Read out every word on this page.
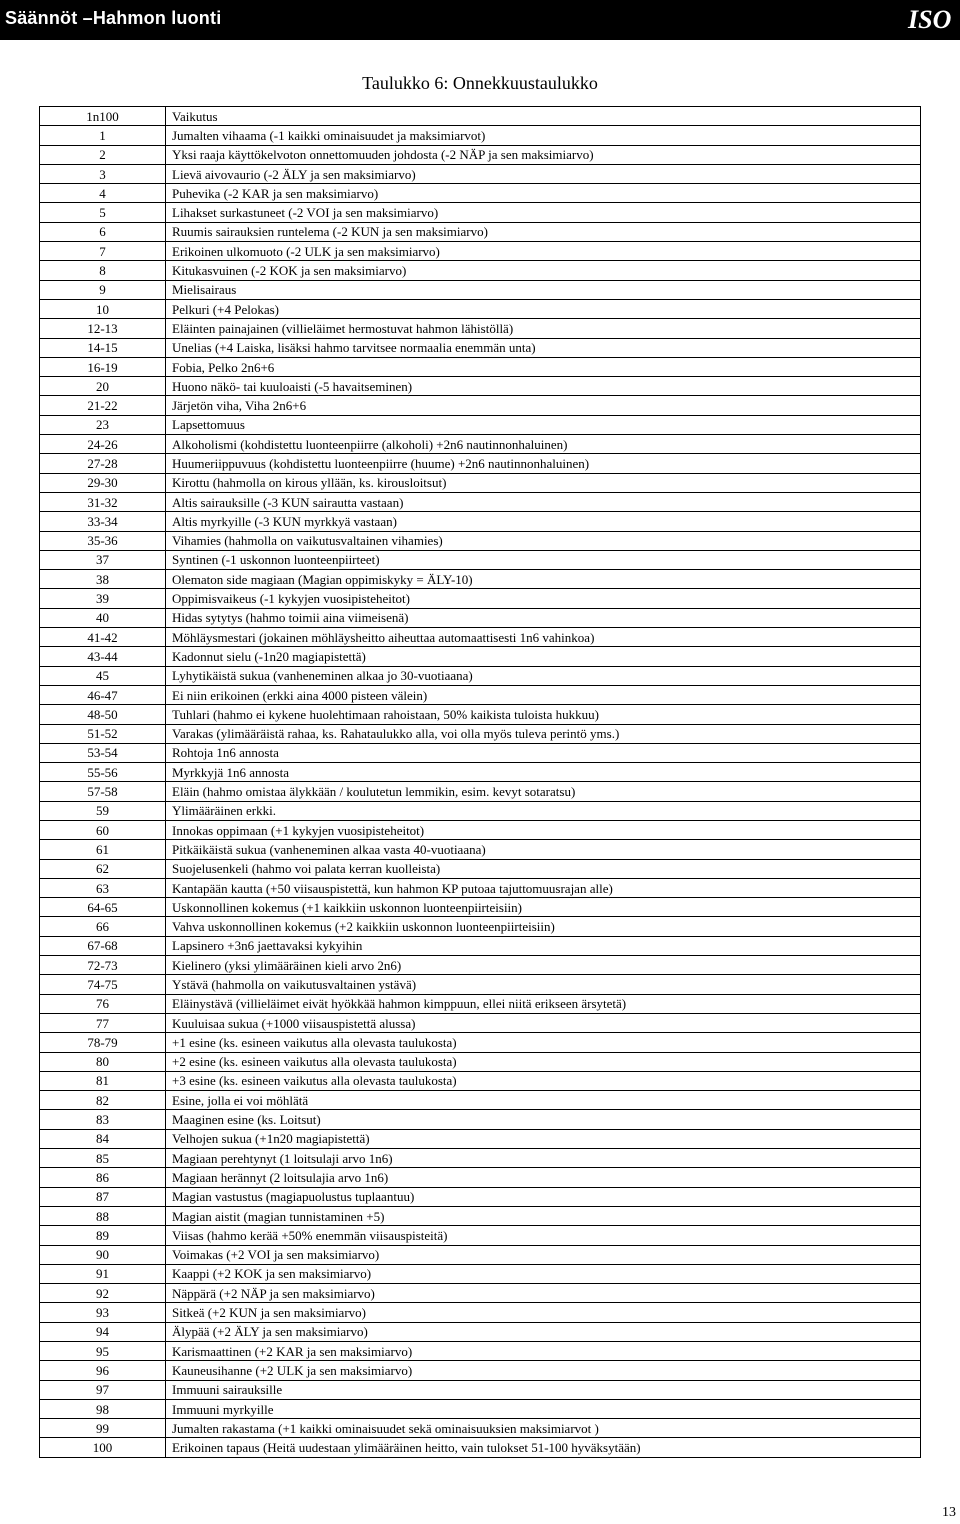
Säännöt –Hahmon luonti	ISO
Taulukko 6: Onnekkuustaulukko
1n100	Vaikutus
1	Jumalten vihaama (-1 kaikki ominaisuudet ja maksimiarvot)
2	Yksi raaja käyttökelvoton onnettomuuden johdosta (-2 NÄP ja sen maksimiarvo)
3	Lievä aivovaurio (-2 ÄLY ja sen maksimiarvo)
4	Puhevika (-2 KAR ja sen maksimiarvo)
5	Lihakset surkastuneet (-2 VOI ja sen maksimiarvo)
6	Ruumis sairauksien runtelema (-2 KUN ja sen maksimiarvo)
7	Erikoinen ulkomuoto (-2 ULK ja sen maksimiarvo)
8	Kitukasvuinen (-2 KOK ja sen maksimiarvo)
9	Mielisairaus
10	Pelkuri (+4 Pelokas)
12-13	Eläinten painajainen (villieläimet hermostuvat hahmon lähistöllä)
14-15	Unelias (+4 Laiska, lisäksi hahmo tarvitsee normaalia enemmän unta)
16-19	Fobia, Pelko 2n6+6
20	Huono näkö- tai kuuloaisti (-5 havaitseminen)
21-22	Järjetön viha, Viha 2n6+6
23	Lapsettomuus
24-26	Alkoholismi (kohdistettu luonteenpiirre (alkoholi) +2n6 nautinnonhaluinen)
27-28	Huumeriippuvuus (kohdistettu luonteenpiirre (huume) +2n6 nautinnonhaluinen)
29-30	Kirottu (hahmolla on kirous yllään, ks. kirousloitsut)
31-32	Altis sairauksille (-3 KUN sairautta vastaan)
33-34	Altis myrkyille (-3 KUN myrkkyä vastaan)
35-36	Vihamies (hahmolla on vaikutusvaltainen vihamies)
37	Syntinen (-1 uskonnon luonteenpiirteet)
38	Olematon side magiaan (Magian oppimiskyky = ÄLY-10)
39	Oppimisvaikeus (-1 kykyjen vuosipisteheitot)
40	Hidas sytytys (hahmo toimii aina viimeisenä)
41-42	Möhläysmestari (jokainen möhläysheitto aiheuttaa automaattisesti 1n6 vahinkoa)
43-44	Kadonnut sielu (-1n20 magiapistettä)
45	Lyhytikäistä sukua (vanheneminen alkaa jo 30-vuotiaana)
46-47	Ei niin erikoinen (erkki aina 4000 pisteen välein)
48-50	Tuhlari (hahmo ei kykene huolehtimaan rahoistaan, 50% kaikista tuloista hukkuu)
51-52	Varakas (ylimääräistä rahaa, ks. Rahataulukko alla, voi olla myös tuleva perintö yms.)
53-54	Rohtoja 1n6 annosta
55-56	Myrkkyjä 1n6 annosta
57-58	Eläin (hahmo omistaa älykkään / koulutetun lemmikin, esim. kevyt sotaratsu)
59	Ylimääräinen erkki.
60	Innokas oppimaan (+1 kykyjen vuosipisteheitot)
61	Pitkäikäistä sukua (vanheneminen alkaa vasta 40-vuotiaana)
62	Suojelusenkeli (hahmo voi palata kerran kuolleista)
63	Kantapään kautta (+50 viisauspistettä, kun hahmon KP putoaa tajuttomuusrajan alle)
64-65	Uskonnollinen kokemus (+1 kaikkiin uskonnon luonteenpiirteisiin)
66	Vahva uskonnollinen kokemus (+2 kaikkiin uskonnon luonteenpiirteisiin)
67-68	Lapsinero +3n6 jaettavaksi kykyihin
72-73	Kielinero (yksi ylimääräinen kieli arvo 2n6)
74-75	Ystävä (hahmolla on vaikutusvaltainen ystävä)
76	Eläinystävä (villieläimet eivät hyökkää hahmon kimppuun, ellei niitä erikseen ärsytetä)
77	Kuuluisaa sukua (+1000 viisauspistettä alussa)
78-79	+1 esine (ks. esineen vaikutus alla olevasta taulukosta)
80	+2 esine (ks. esineen vaikutus alla olevasta taulukosta)
81	+3 esine (ks. esineen vaikutus alla olevasta taulukosta)
82	Esine, jolla ei voi möhlätä
83	Maaginen esine (ks. Loitsut)
84	Velhojen sukua (+1n20 magiapistettä)
85	Magiaan perehtynyt (1 loitsulaji arvo 1n6)
86	Magiaan herännyt (2 loitsulajia arvo 1n6)
87	Magian vastustus (magiapuolustus tuplaantuu)
88	Magian aistit (magian tunnistaminen +5)
89	Viisas (hahmo kerää +50% enemmän viisauspisteitä)
90	Voimakas (+2 VOI ja sen maksimiarvo)
91	Kaappi (+2 KOK ja sen maksimiarvo)
92	Näppärä (+2 NÄP ja sen maksimiarvo)
93	Sitkeä (+2 KUN ja sen maksimiarvo)
94	Älypää (+2 ÄLY ja sen maksimiarvo)
95	Karismaattinen (+2 KAR ja sen maksimiarvo)
96	Kauneusihanne (+2 ULK ja sen maksimiarvo)
97	Immuuni sairauksille
98	Immuuni myrkyille
99	Jumalten rakastama (+1 kaikki ominaisuudet sekä ominaisuuksien maksimiarvot )
100	Erikoinen tapaus (Heitä uudestaan ylimääräinen heitto, vain tulokset 51-100 hyväksytään)
13
